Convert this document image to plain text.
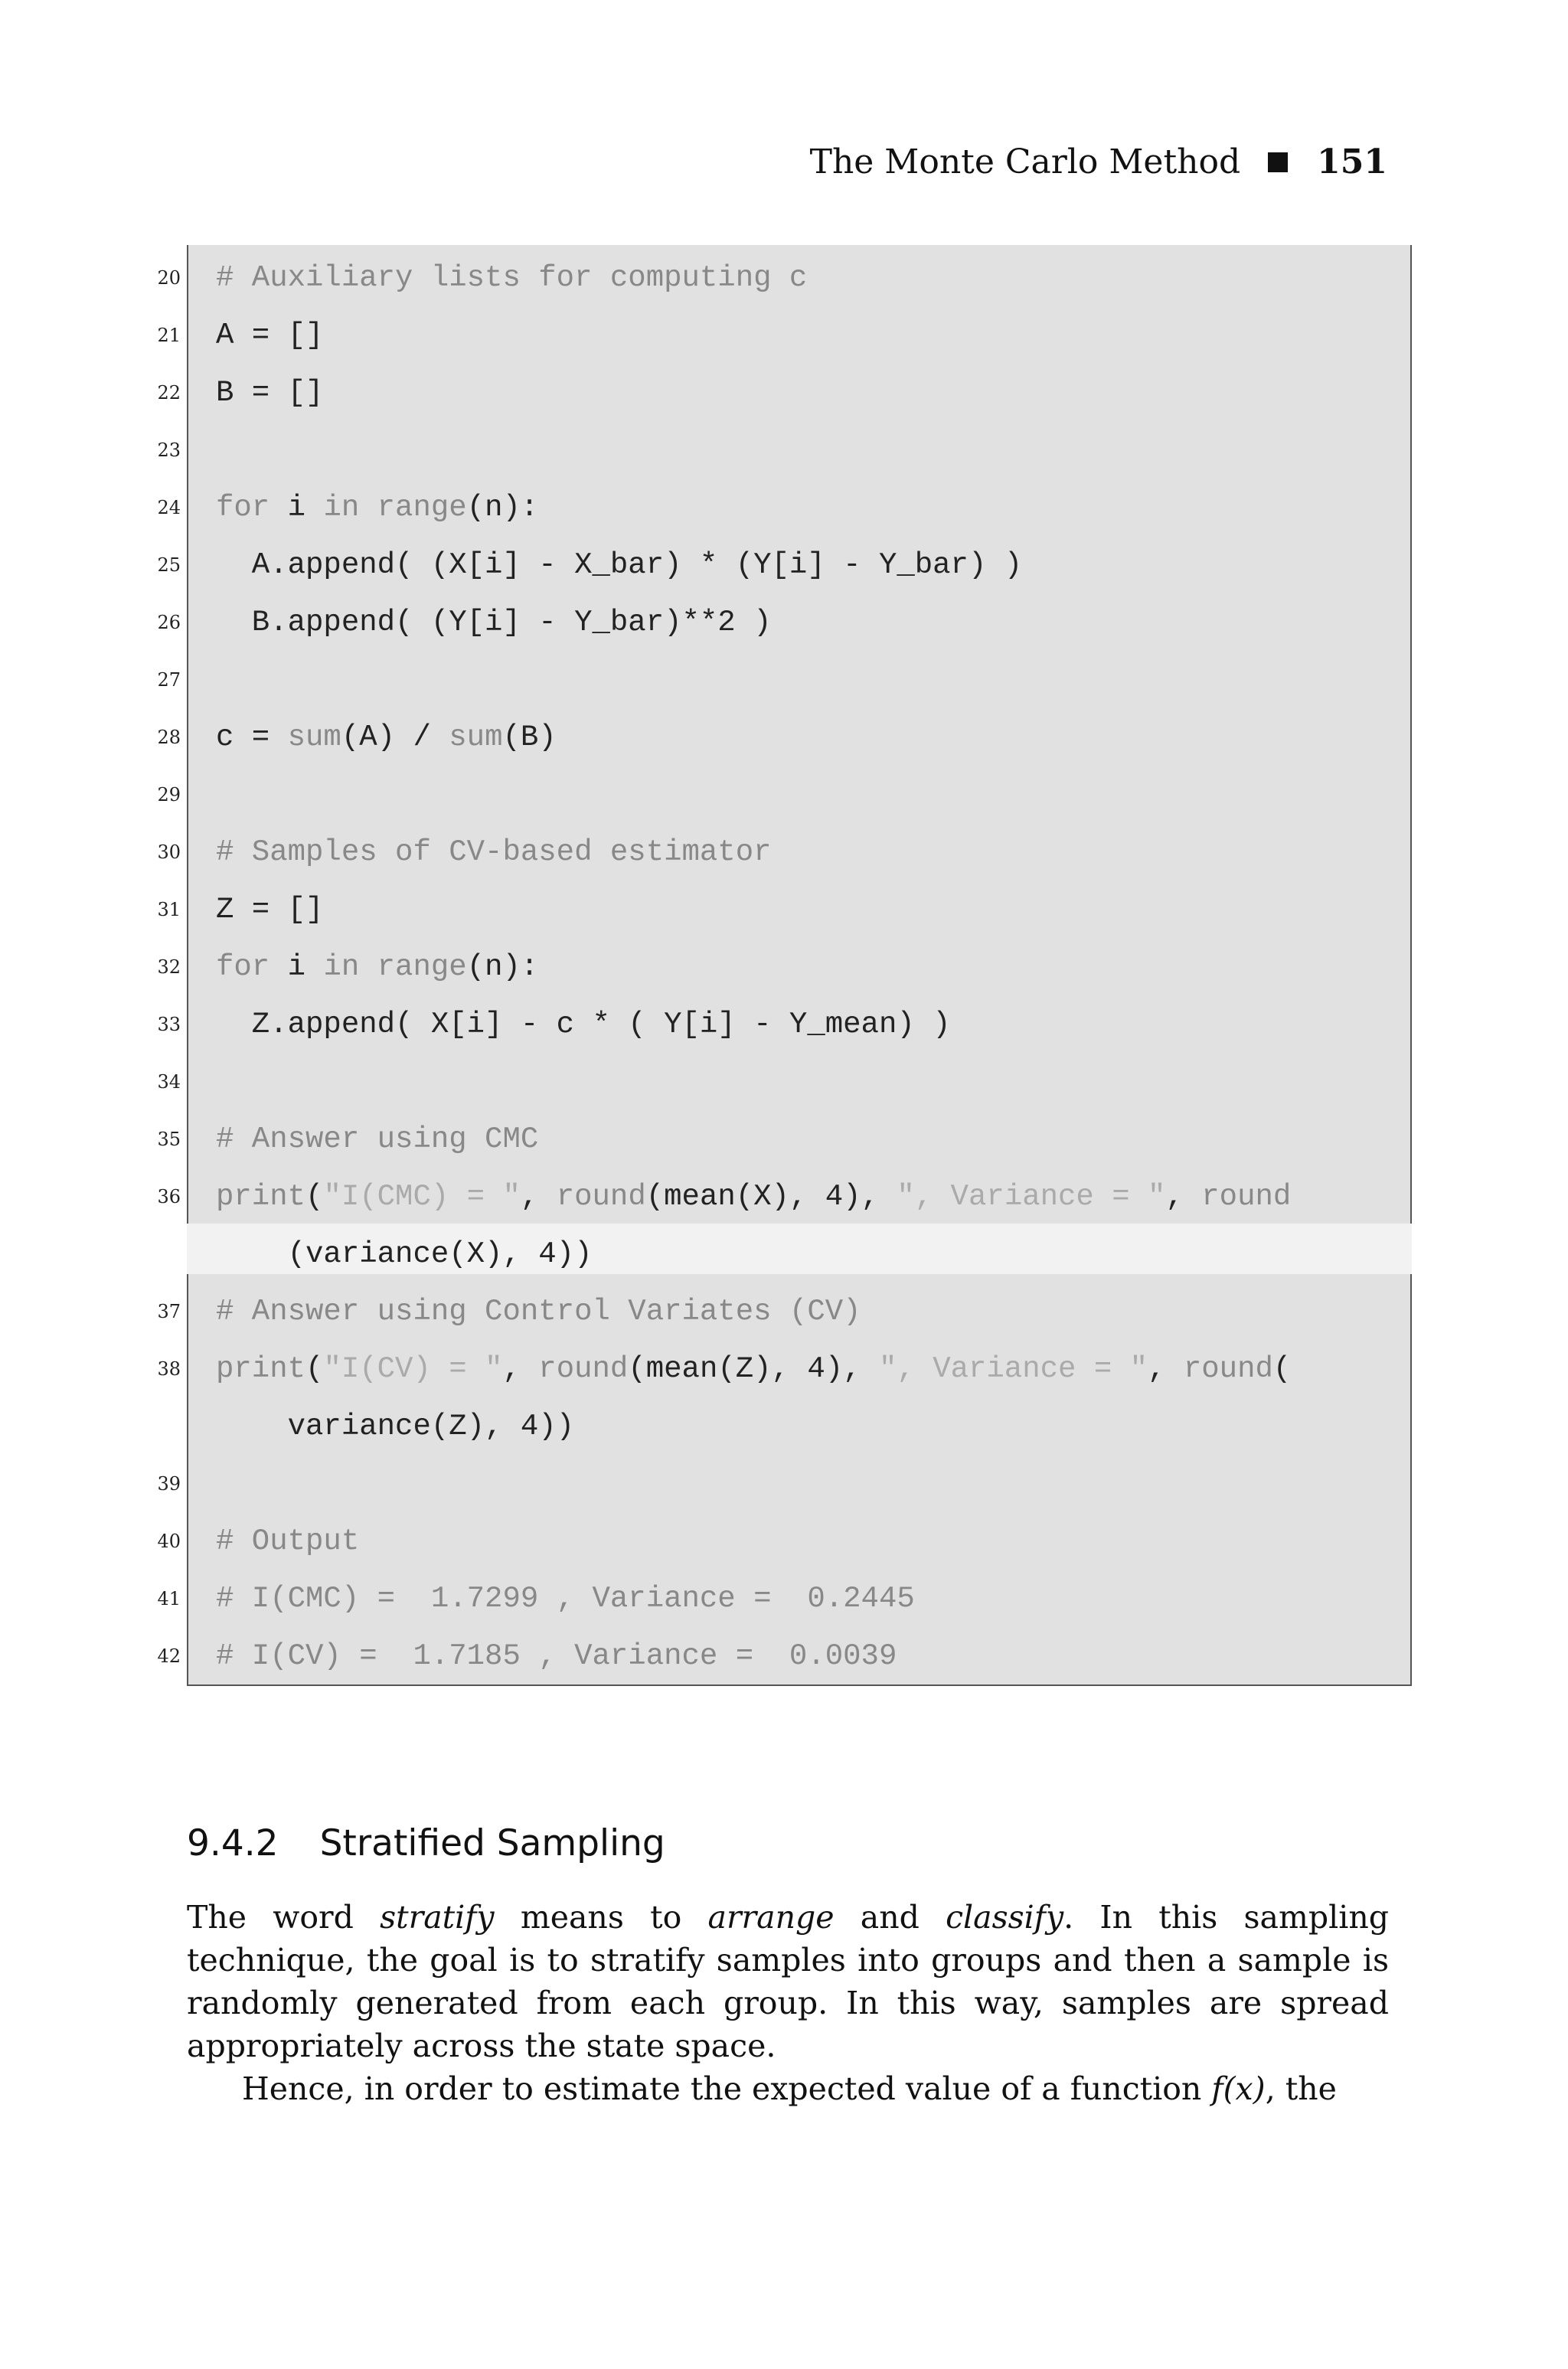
The Monte Carlo Method 151
20 # Auxiliary lists for computing c
21 A = []
22 B = []
23
24 for i in range(n):
25 A.append( (X[i] - X_bar) * (Y[i] - Y_bar) )
26 B.append( (Y[i] - Y_bar)**2 )
27
28 c = sum(A) / sum(B)
29
30 # Samples of CV-based estimator
31 Z = []
32 for i in range(n):
33 Z.append( X[i] - c * ( Y[i] - Y_mean) )
34
35 # Answer using CMC
36 print("I(CMC) = ", round(mean(X), 4), ", Variance = ", round
(variance(X), 4))
37 # Answer using Control Variates (CV)
38 print("I(CV) = ", round(mean(Z), 4), ", Variance = ", round(
variance(Z), 4))
39
40 # Output
41 # I(CMC) =  1.7299 , Variance =  0.2445
42 # I(CV) =  1.7185 , Variance =  0.0039
9.4.2 Stratified Sampling
The word stratify means to arrange and classify. In this sampling technique, the goal is to stratify samples into groups and then a sample is randomly generated from each group. In this way, samples are spread appropriately across the state space.
Hence, in order to estimate the expected value of a function f(x), the
